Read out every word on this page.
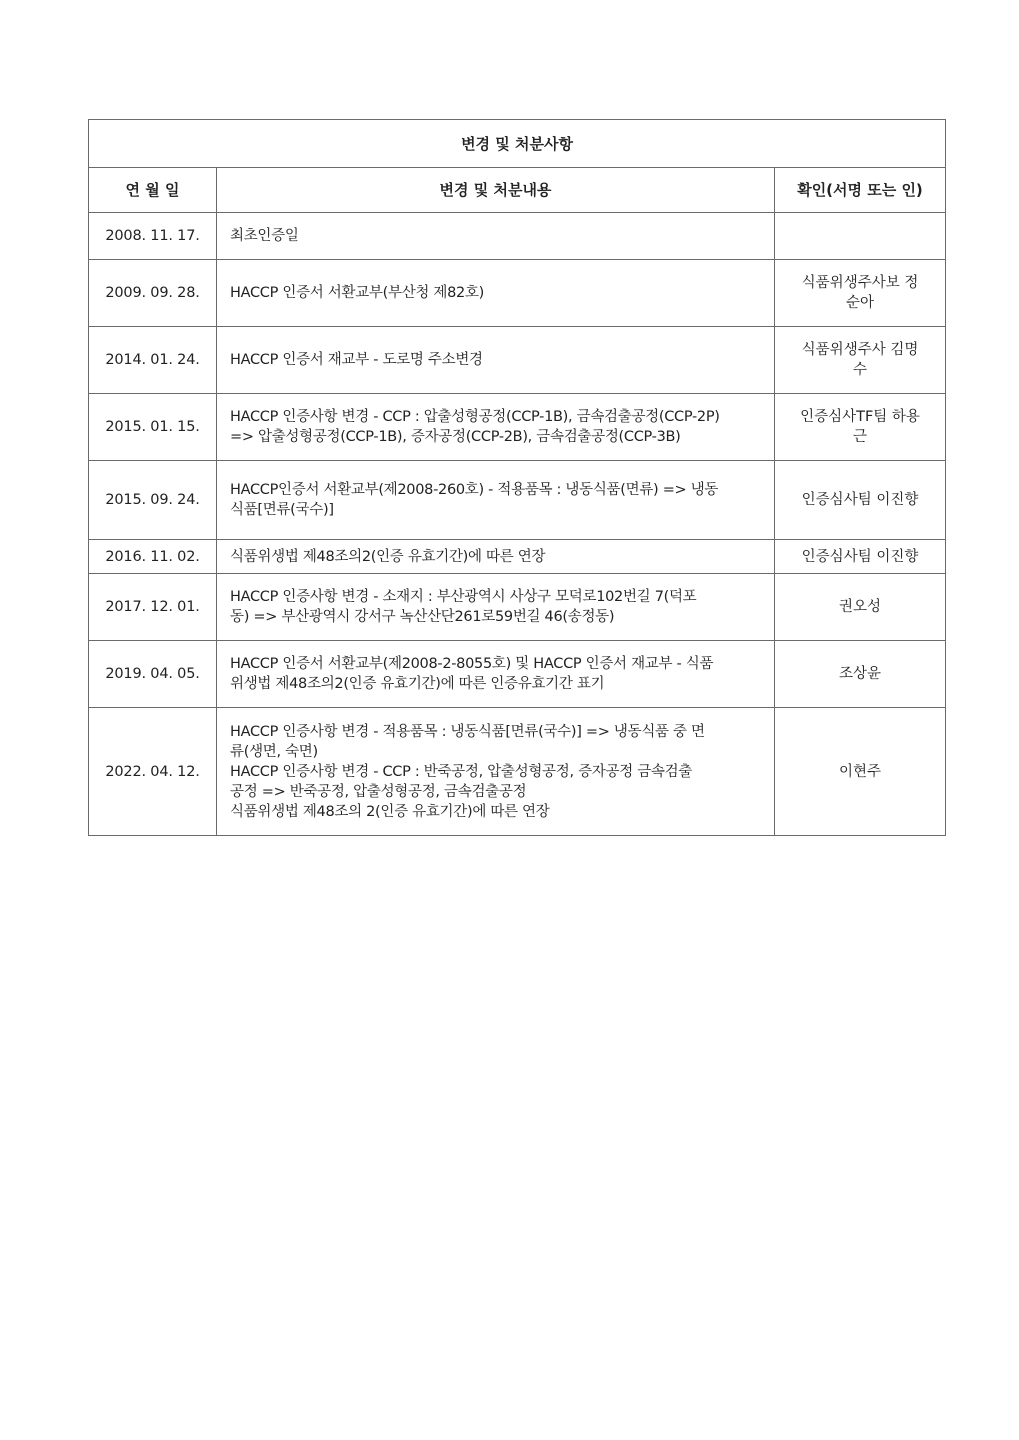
변경 및 처분사항		
연 월 일	변경 및 처분내용	확인(서명 또는 인)
2008. 11. 17.	최초인증일	

2009. 09. 28.	HACCP 인증서 서환교부(부산청 제82호)	식품위생주사보 정
순아

2014. 01. 24.	HACCP 인증서 재교부 - 도로명 주소변경	식품위생주사 김명
수

2015. 01. 15.	HACCP 인증사항 변경 - CCP : 압출성형공정(CCP-1B), 금속검출공정(CCP-2P)
=> 압출성형공정(CCP-1B), 증자공정(CCP-2B), 금속검출공정(CCP-3B)	인증심사TF팀 하용
근

2015. 09. 24.	HACCP인증서 서환교부(제2008-260호) - 적용품목 : 냉동식품(면류) => 냉동
식품[면류(국수)]	인증심사팀 이진향

2016. 11. 02.	식품위생법 제48조의2(인증 유효기간)에 따른 연장	인증심사팀 이진향

2017. 12. 01.	HACCP 인증사항 변경 - 소재지 : 부산광역시 사상구 모덕로102번길 7(덕포
동) => 부산광역시 강서구 녹산산단261로59번길 46(송정동)	권오성

2019. 04. 05.	HACCP 인증서 서환교부(제2008-2-8055호) 및 HACCP 인증서 재교부 - 식품
위생법 제48조의2(인증 유효기간)에 따른 인증유효기간 표기	조상윤

2022. 04. 12.	HACCP 인증사항 변경 - 적용품목 : 냉동식품[면류(국수)] => 냉동식품 중 면
류(생면, 숙면)
HACCP 인증사항 변경 - CCP : 반죽공정, 압출성형공정, 증자공정 금속검출
공정 => 반죽공정, 압출성형공정, 금속검출공정
식품위생법 제48조의 2(인증 유효기간)에 따른 연장	이현주
